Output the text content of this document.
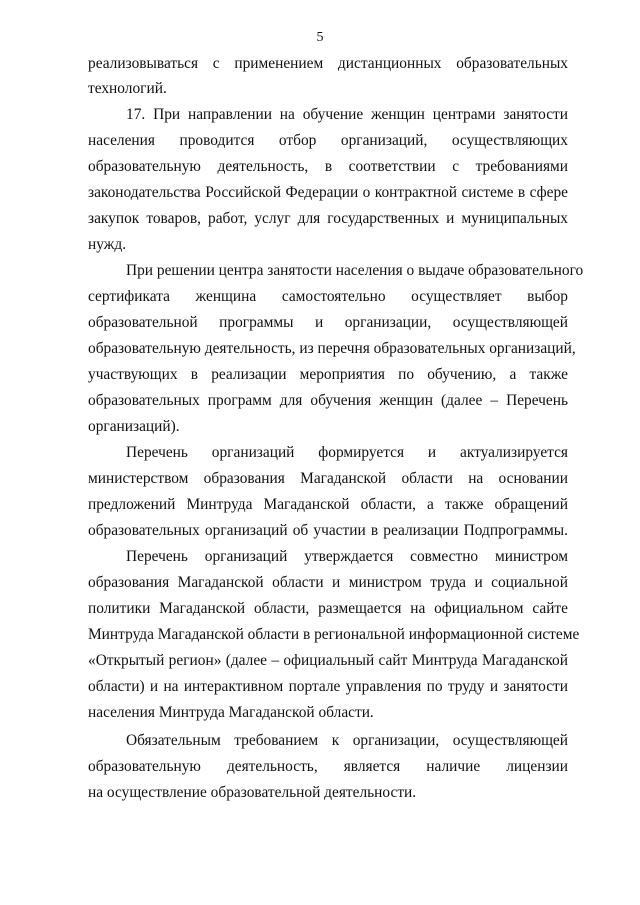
5
реализовываться с применением дистанционных образовательных
технологий.
17. При направлении на обучение женщин центрами занятости
населения проводится отбор организаций, осуществляющих
образовательную деятельность, в соответствии с требованиями
законодательства Российской Федерации о контрактной системе в сфере
закупок товаров, работ, услуг для государственных и муниципальных
нужд.
При решении центра занятости населения о выдаче образовательного
сертификата женщина самостоятельно осуществляет выбор
образовательной программы и организации, осуществляющей
образовательную деятельность, из перечня образовательных организаций,
участвующих в реализации мероприятия по обучению, а также
образовательных программ для обучения женщин (далее – Перечень
организаций).
Перечень организаций формируется и актуализируется
министерством образования Магаданской области на основании
предложений Минтруда Магаданской области, а также обращений
образовательных организаций об участии в реализации Подпрограммы.
Перечень организаций утверждается совместно министром
образования Магаданской области и министром труда и социальной
политики Магаданской области, размещается на официальном сайте
Минтруда Магаданской области в региональной информационной системе
«Открытый регион» (далее – официальный сайт Минтруда Магаданской
области) и на интерактивном портале управления по труду и занятости
населения Минтруда Магаданской области.
Обязательным требованием к организации, осуществляющей
образовательную деятельность, является наличие лицензии
на осуществление образовательной деятельности.
